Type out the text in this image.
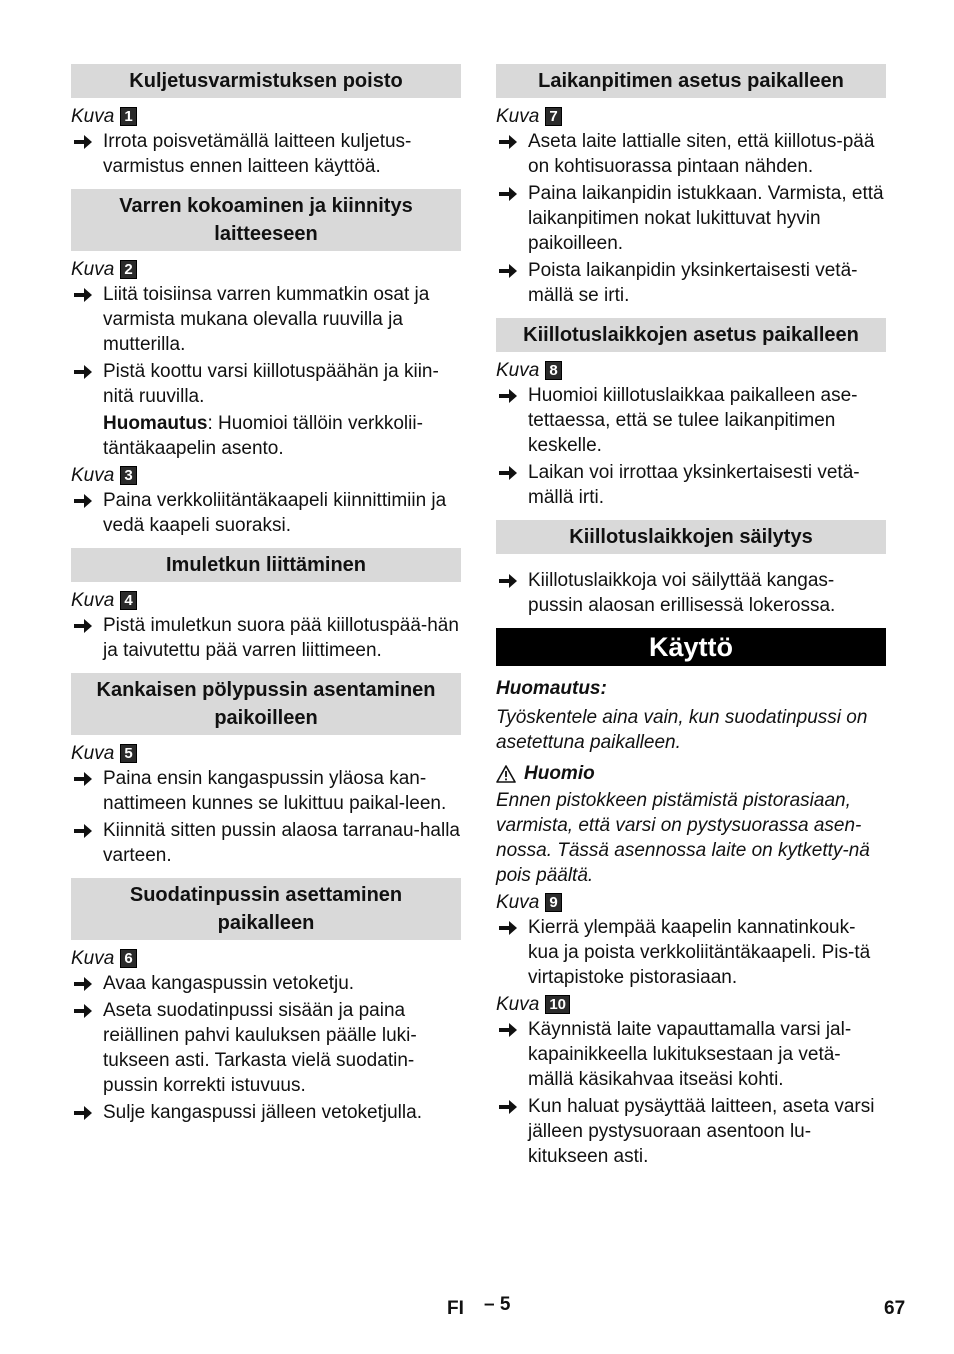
Kuljetusvarmistuksen poisto
Kuva 1
Irrota poisvetämällä laitteen kuljetus-varmistus ennen laitteen käyttöä.
Varren kokoaminen ja kiinnitys laitteeseen
Kuva 2
Liitä toisiinsa varren kummatkin osat ja varmista mukana olevalla ruuvilla ja mutterilla.
Pistä koottu varsi kiillotuspäähän ja kiin-nitä ruuvilla.
Huomautus: Huomioi tällöin verkkolii-täntäkaapelin asento.
Kuva 3
Paina verkkoliitäntäkaapeli kiinnittimiin ja vedä kaapeli suoraksi.
Imuletkun liittäminen
Kuva 4
Pistä imuletkun suora pää kiillotuspää-hän ja taivutettu pää varren liittimeen.
Kankaisen pölypussin asentaminen paikoilleen
Kuva 5
Paina ensin kangaspussin yläosa kan-nattimeen kunnes se lukittuu paikal-leen.
Kiinnitä sitten pussin alaosa tarranau-halla varteen.
Suodatinpussin asettaminen paikalleen
Kuva 6
Avaa kangaspussin vetoketju.
Aseta suodatinpussi sisään ja paina reiällinen pahvi kauluksen päälle luki-tukseen asti. Tarkasta vielä suodatin-pussin korrekti istuvuus.
Sulje kangaspussi jälleen vetoketjulla.
Laikanpitimen asetus paikalleen
Kuva 7
Aseta laite lattialle siten, että kiillotus-pää on kohtisuorassa pintaan nähden.
Paina laikanpidin istukkaan. Varmista, että laikanpitimen nokat lukittuvat hyvin paikoilleen.
Poista laikanpidin yksinkertaisesti vetä-mällä se irti.
Kiillotuslaikkojen asetus paikalleen
Kuva 8
Huomioi kiillotuslaikkaa paikalleen ase-tettaessa, että se tulee laikanpitimen keskelle.
Laikan voi irrottaa yksinkertaisesti vetä-mällä irti.
Kiillotuslaikkojen säilytys
Kiillotuslaikkoja voi säilyttää kangas-pussin alaosan erillisessä lokerossa.
Käyttö
Huomautus:
Työskentele aina vain, kun suodatinpussi on asetettuna paikalleen.
Huomio
Ennen pistokkeen pistämistä pistorasiaan, varmista, että varsi on pystysuorassa asen-nossa. Tässä asennossa laite on kytketty-nä pois päältä.
Kuva 9
Kierrä ylempää kaapelin kannatinkouk-kua ja poista verkkoliitäntäkaapeli. Pis-tä virtapistoke pistorasiaan.
Kuva 10
Käynnistä laite vapauttamalla varsi jal-kapainikkeella lukituksestaan ja vetä-mällä käsikahvaa itseäsi kohti.
Kun haluat pysäyttää laitteen, aseta varsi jälleen pystysuoraan asentoon lu-kitukseen asti.
FI – 5	67
